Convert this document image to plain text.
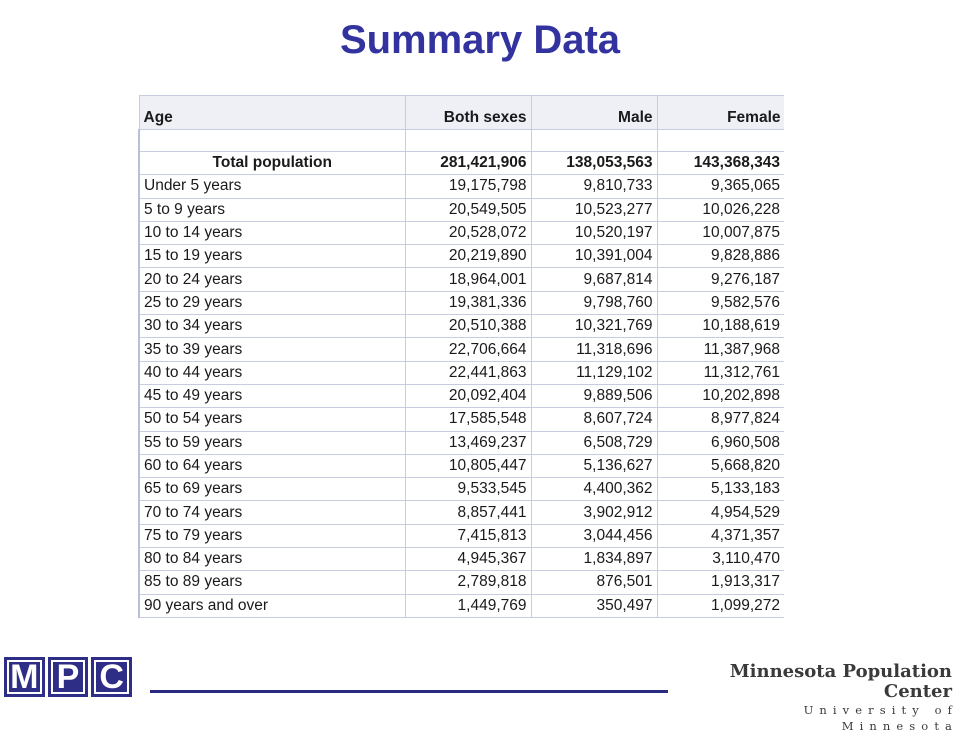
Summary Data
Age	Both sexes	Male	Female

Total population	281,421,906	138,053,563	143,368,343
Under 5 years	19,175,798	9,810,733	9,365,065
5 to 9 years	20,549,505	10,523,277	10,026,228
10 to 14 years	20,528,072	10,520,197	10,007,875
15 to 19 years	20,219,890	10,391,004	9,828,886
20 to 24 years	18,964,001	9,687,814	9,276,187
25 to 29 years	19,381,336	9,798,760	9,582,576
30 to 34 years	20,510,388	10,321,769	10,188,619
35 to 39 years	22,706,664	11,318,696	11,387,968
40 to 44 years	22,441,863	11,129,102	11,312,761
45 to 49 years	20,092,404	9,889,506	10,202,898
50 to 54 years	17,585,548	8,607,724	8,977,824
55 to 59 years	13,469,237	6,508,729	6,960,508
60 to 64 years	10,805,447	5,136,627	5,668,820
65 to 69 years	9,533,545	4,400,362	5,133,183
70 to 74 years	8,857,441	3,902,912	4,954,529
75 to 79 years	7,415,813	3,044,456	4,371,357
80 to 84 years	4,945,367	1,834,897	3,110,470
85 to 89 years	2,789,818	876,501	1,913,317
90 years and over	1,449,769	350,497	1,099,272
M P C	Minnesota Population Center
University of Minnesota
